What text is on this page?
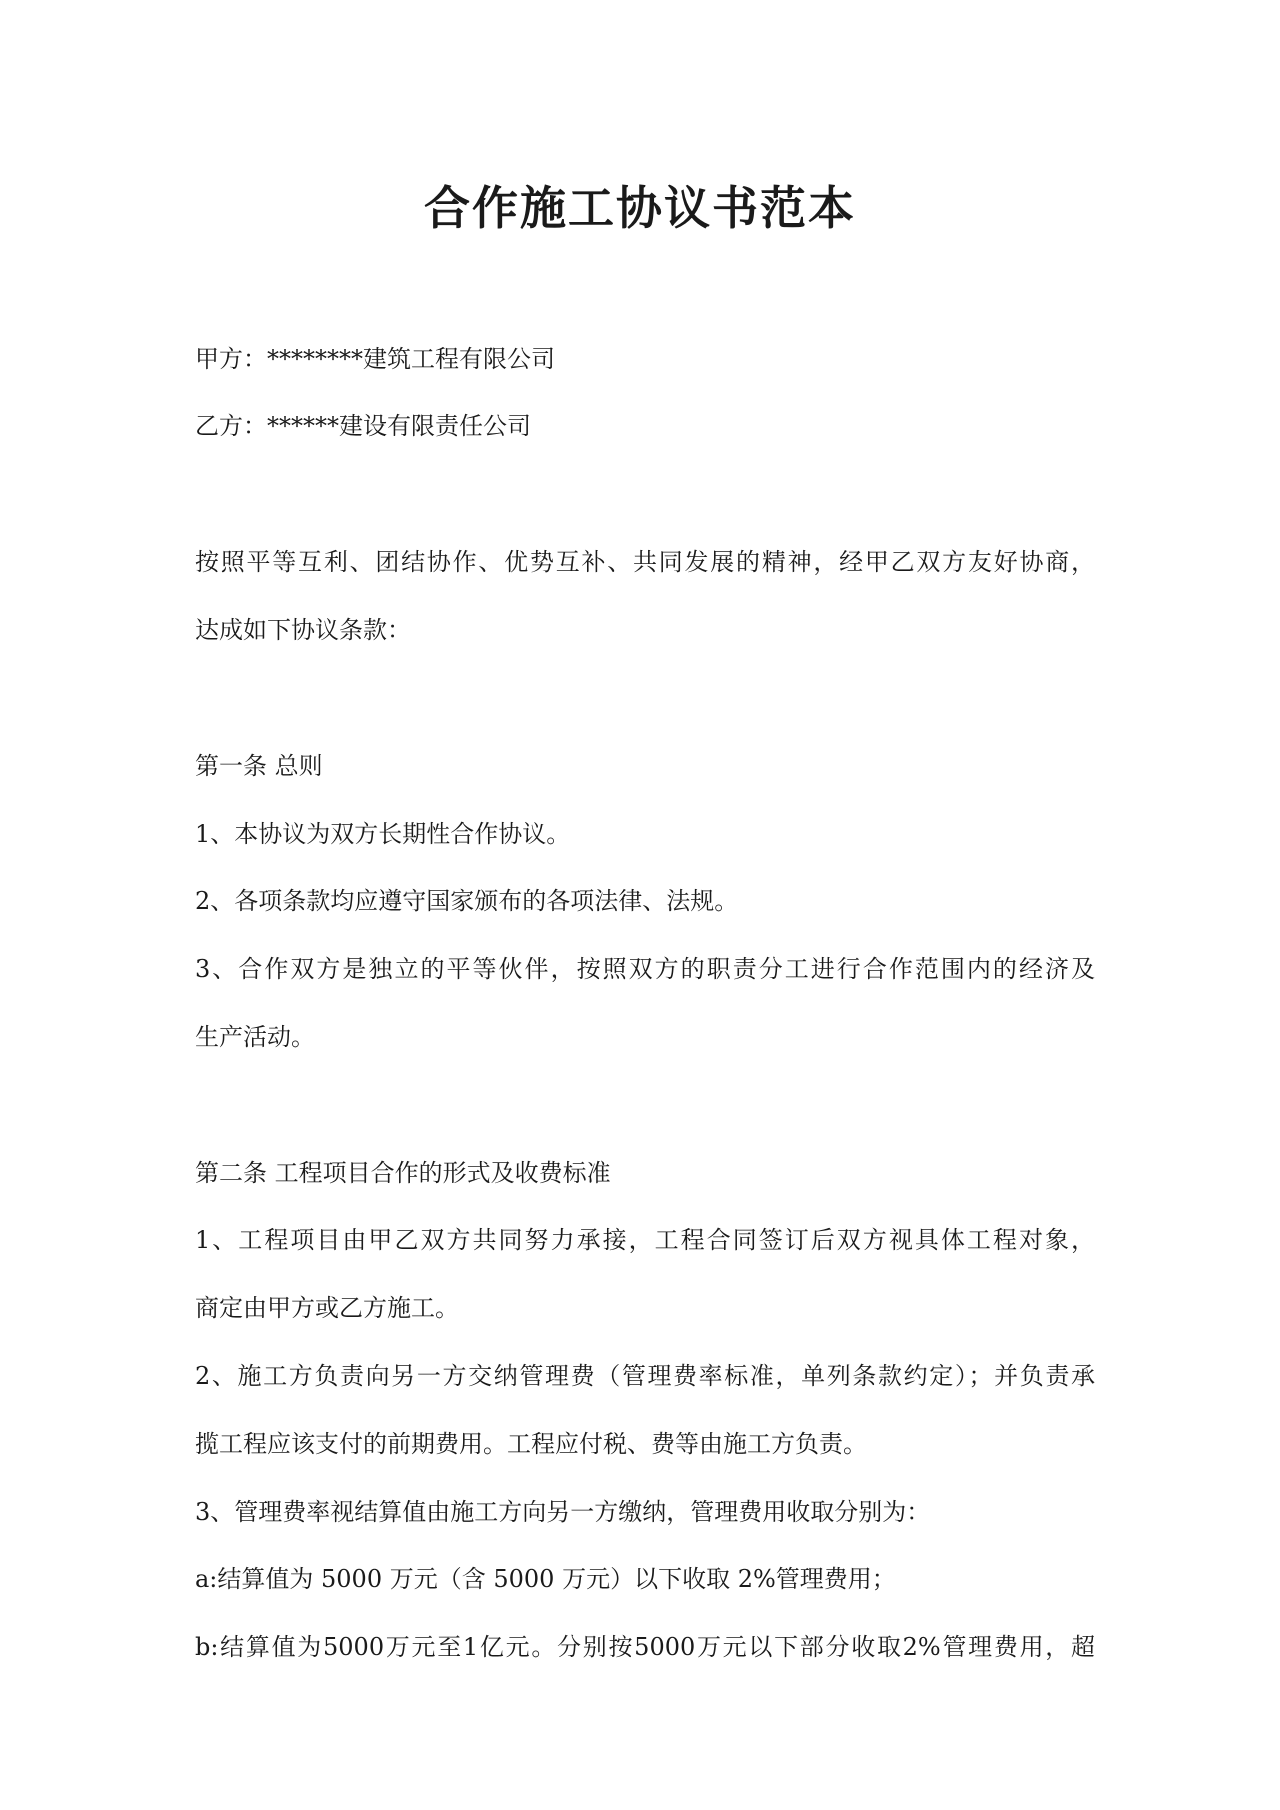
合作施工协议书范本
甲方：********建筑工程有限公司
乙方：******建设有限责任公司
按照平等互利、团结协作、优势互补、共同发展的精神，经甲乙双方友好协商，
达成如下协议条款：
第一条 总则
1、本协议为双方长期性合作协议。
2、各项条款均应遵守国家颁布的各项法律、法规。
3、合作双方是独立的平等伙伴，按照双方的职责分工进行合作范围内的经济及
生产活动。
第二条 工程项目合作的形式及收费标准
1、工程项目由甲乙双方共同努力承接，工程合同签订后双方视具体工程对象，
商定由甲方或乙方施工。
2、施工方负责向另一方交纳管理费（管理费率标准，单列条款约定）；并负责承
揽工程应该支付的前期费用。工程应付税、费等由施工方负责。
3、管理费率视结算值由施工方向另一方缴纳，管理费用收取分别为：
a:结算值为 5000 万元（含 5000 万元）以下收取 2%管理费用；
b:结算值为5000万元至1亿元。分别按5000万元以下部分收取2%管理费用，超
